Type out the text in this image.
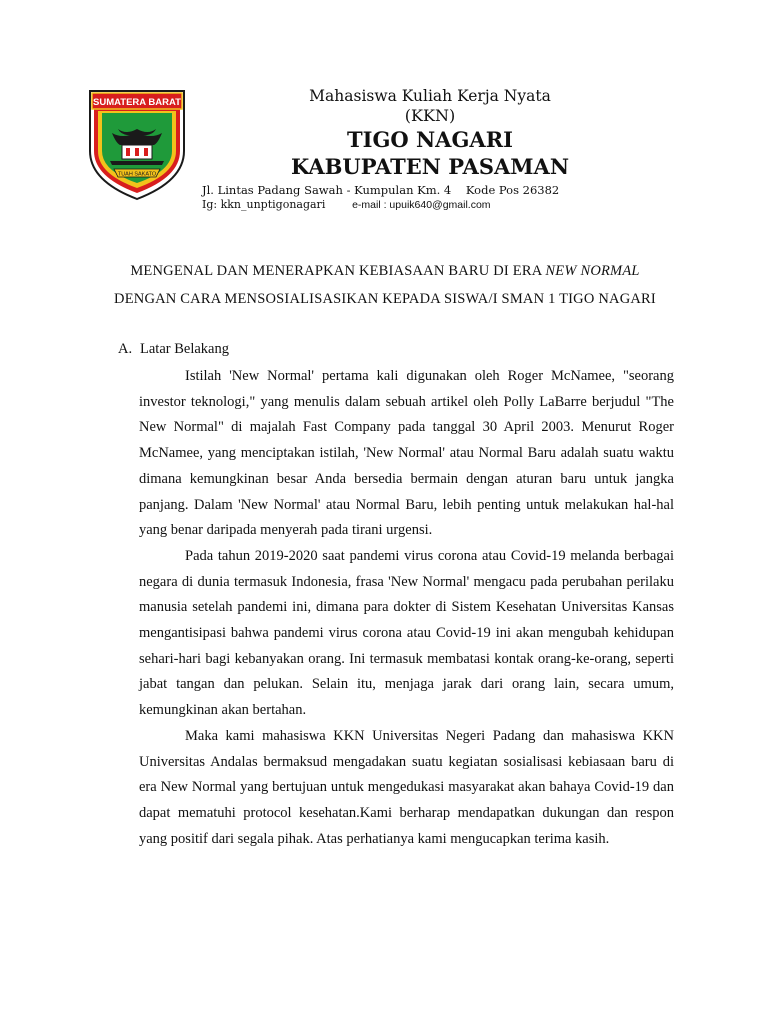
SUMATERA BARAT
TUAH SAKATO
Mahasiswa Kuliah Kerja Nyata
(KKN)
TIGO NAGARI
KABUPATEN PASAMAN
Jl. Lintas Padang Sawah - Kumpulan Km. 4    Kode Pos 26382
Ig: kkn_unptigonagari	e-mail : upuik640@gmail.com
MENGENAL DAN MENERAPKAN KEBIASAAN BARU DI ERA NEW NORMAL
DENGAN CARA MENSOSIALISASIKAN KEPADA SISWA/I SMAN 1 TIGO NAGARI
A. Latar Belakang

Istilah 'New Normal' pertama kali digunakan oleh Roger McNamee, "seorang investor teknologi," yang menulis dalam sebuah artikel oleh Polly LaBarre berjudul "The New Normal" di majalah Fast Company pada tanggal 30 April 2003. Menurut Roger McNamee, yang menciptakan istilah, 'New Normal' atau Normal Baru adalah suatu waktu dimana kemungkinan besar Anda bersedia bermain dengan aturan baru untuk jangka panjang. Dalam 'New Normal' atau Normal Baru, lebih penting untuk melakukan hal-hal yang benar daripada menyerah pada tirani urgensi.

Pada tahun 2019-2020 saat pandemi virus corona atau Covid-19 melanda berbagai negara di dunia termasuk Indonesia, frasa 'New Normal' mengacu pada perubahan perilaku manusia setelah pandemi ini, dimana para dokter di Sistem Kesehatan Universitas Kansas mengantisipasi bahwa pandemi virus corona atau Covid-19 ini akan mengubah kehidupan sehari-hari bagi kebanyakan orang. Ini termasuk membatasi kontak orang-ke-orang, seperti jabat tangan dan pelukan. Selain itu, menjaga jarak dari orang lain, secara umum, kemungkinan akan bertahan.

Maka kami mahasiswa KKN Universitas Negeri Padang dan mahasiswa KKN Universitas Andalas bermaksud mengadakan suatu kegiatan sosialisasi kebiasaan baru di era New Normal yang bertujuan untuk mengedukasi masyarakat akan bahaya Covid-19 dan dapat mematuhi protocol kesehatan.Kami berharap mendapatkan dukungan dan respon yang positif dari segala pihak. Atas perhatianya kami mengucapkan terima kasih.
